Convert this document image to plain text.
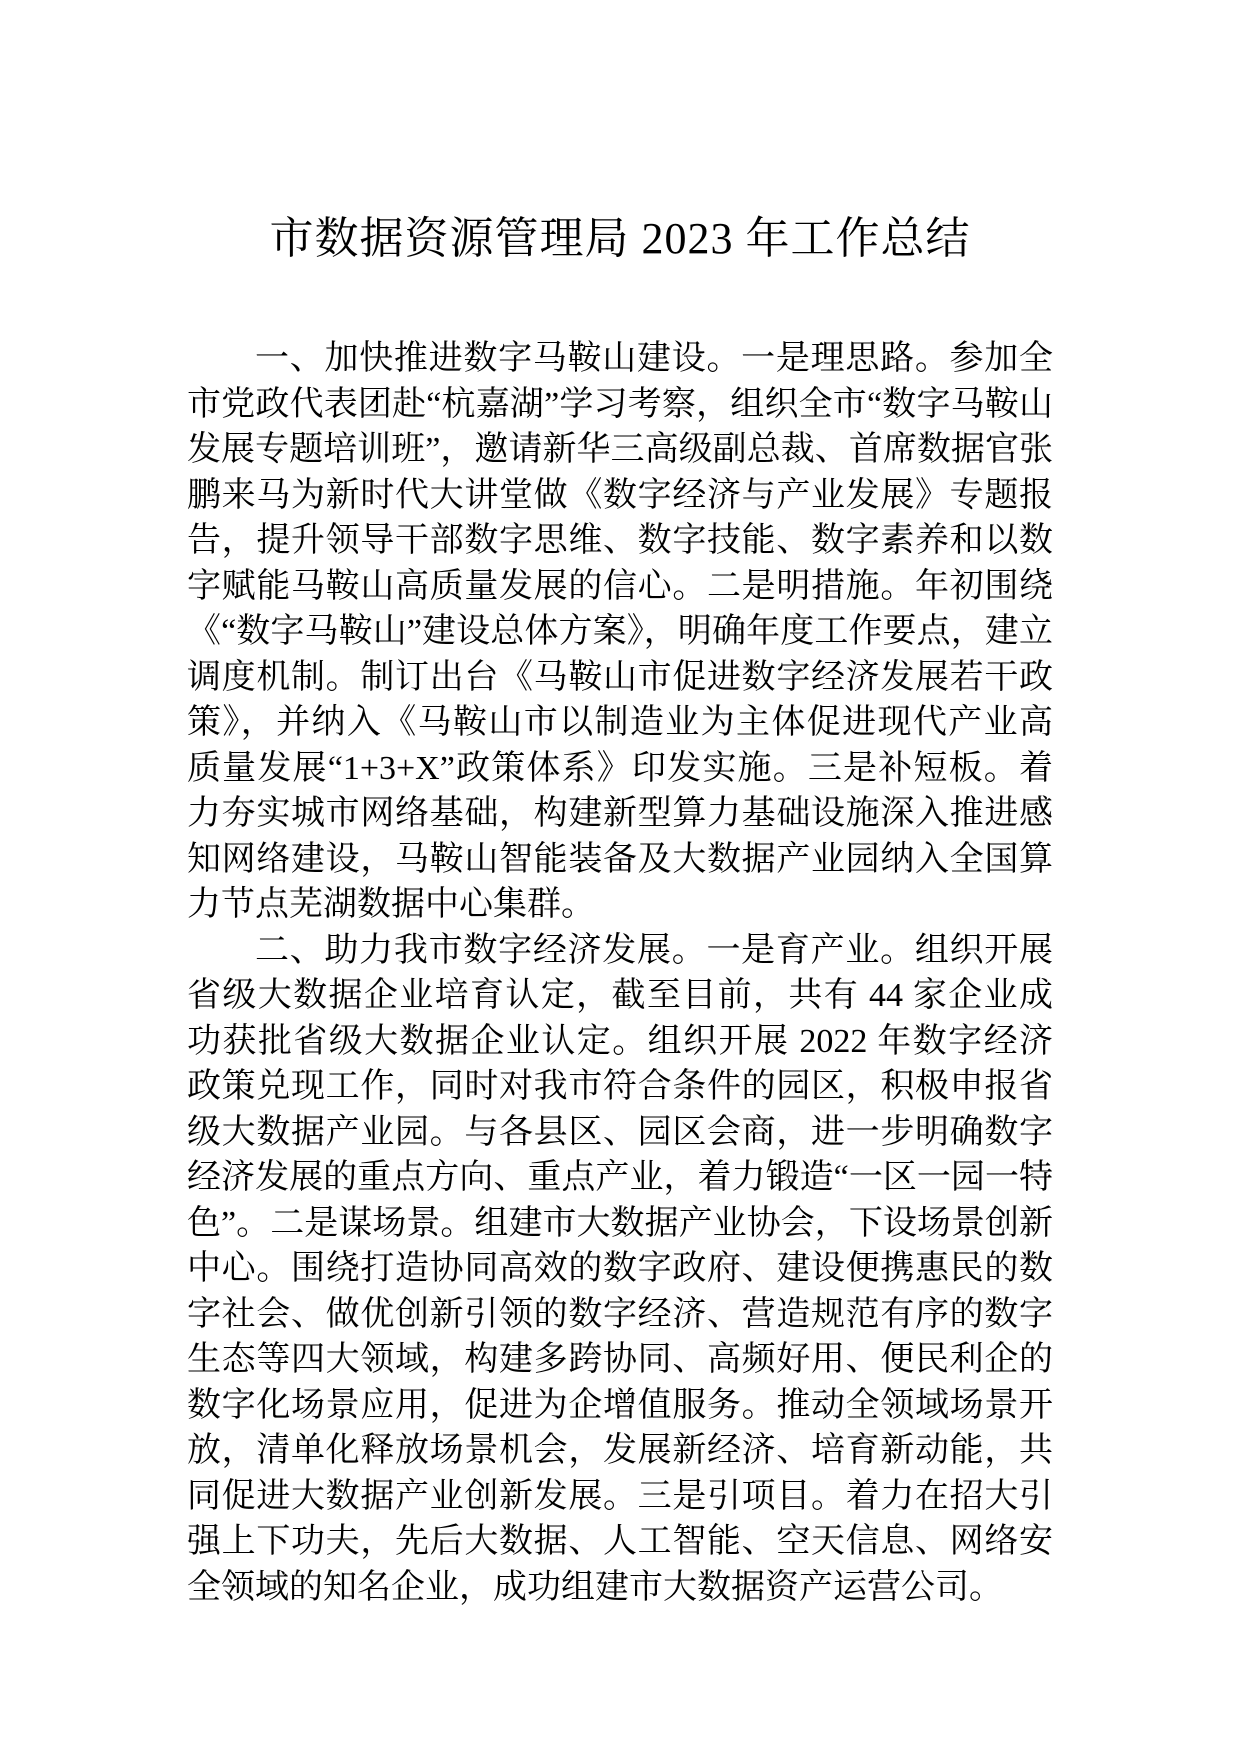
市数据资源管理局 2023 年工作总结

一、加快推进数字马鞍山建设。一是理思路。参加全市党政代表团赴“杭嘉湖”学习考察，组织全市“数字马鞍山发展专题培训班”，邀请新华三高级副总裁、首席数据官张鹏来马为新时代大讲堂做《数字经济与产业发展》专题报告，提升领导干部数字思维、数字技能、数字素养和以数字赋能马鞍山高质量发展的信心。二是明措施。年初围绕《“数字马鞍山”建设总体方案》，明确年度工作要点，建立调度机制。制订出台《马鞍山市促进数字经济发展若干政策》，并纳入《马鞍山市以制造业为主体促进现代产业高质量发展“1+3+X”政策体系》印发实施。三是补短板。着力夯实城市网络基础，构建新型算力基础设施深入推进感知网络建设，马鞍山智能装备及大数据产业园纳入全国算力节点芜湖数据中心集群。

二、助力我市数字经济发展。一是育产业。组织开展省级大数据企业培育认定，截至目前，共有 44 家企业成功获批省级大数据企业认定。组织开展 2022 年数字经济政策兑现工作，同时对我市符合条件的园区，积极申报省级大数据产业园。与各县区、园区会商，进一步明确数字经济发展的重点方向、重点产业，着力锻造“一区一园一特色”。二是谋场景。组建市大数据产业协会，下设场景创新中心。围绕打造协同高效的数字政府、建设便携惠民的数字社会、做优创新引领的数字经济、营造规范有序的数字生态等四大领域，构建多跨协同、高频好用、便民利企的数字化场景应用，促进为企增值服务。推动全领域场景开放，清单化释放场景机会，发展新经济、培育新动能，共同促进大数据产业创新发展。三是引项目。着力在招大引强上下功夫，先后大数据、人工智能、空天信息、网络安全领域的知名企业，成功组建市大数据资产运营公司。
